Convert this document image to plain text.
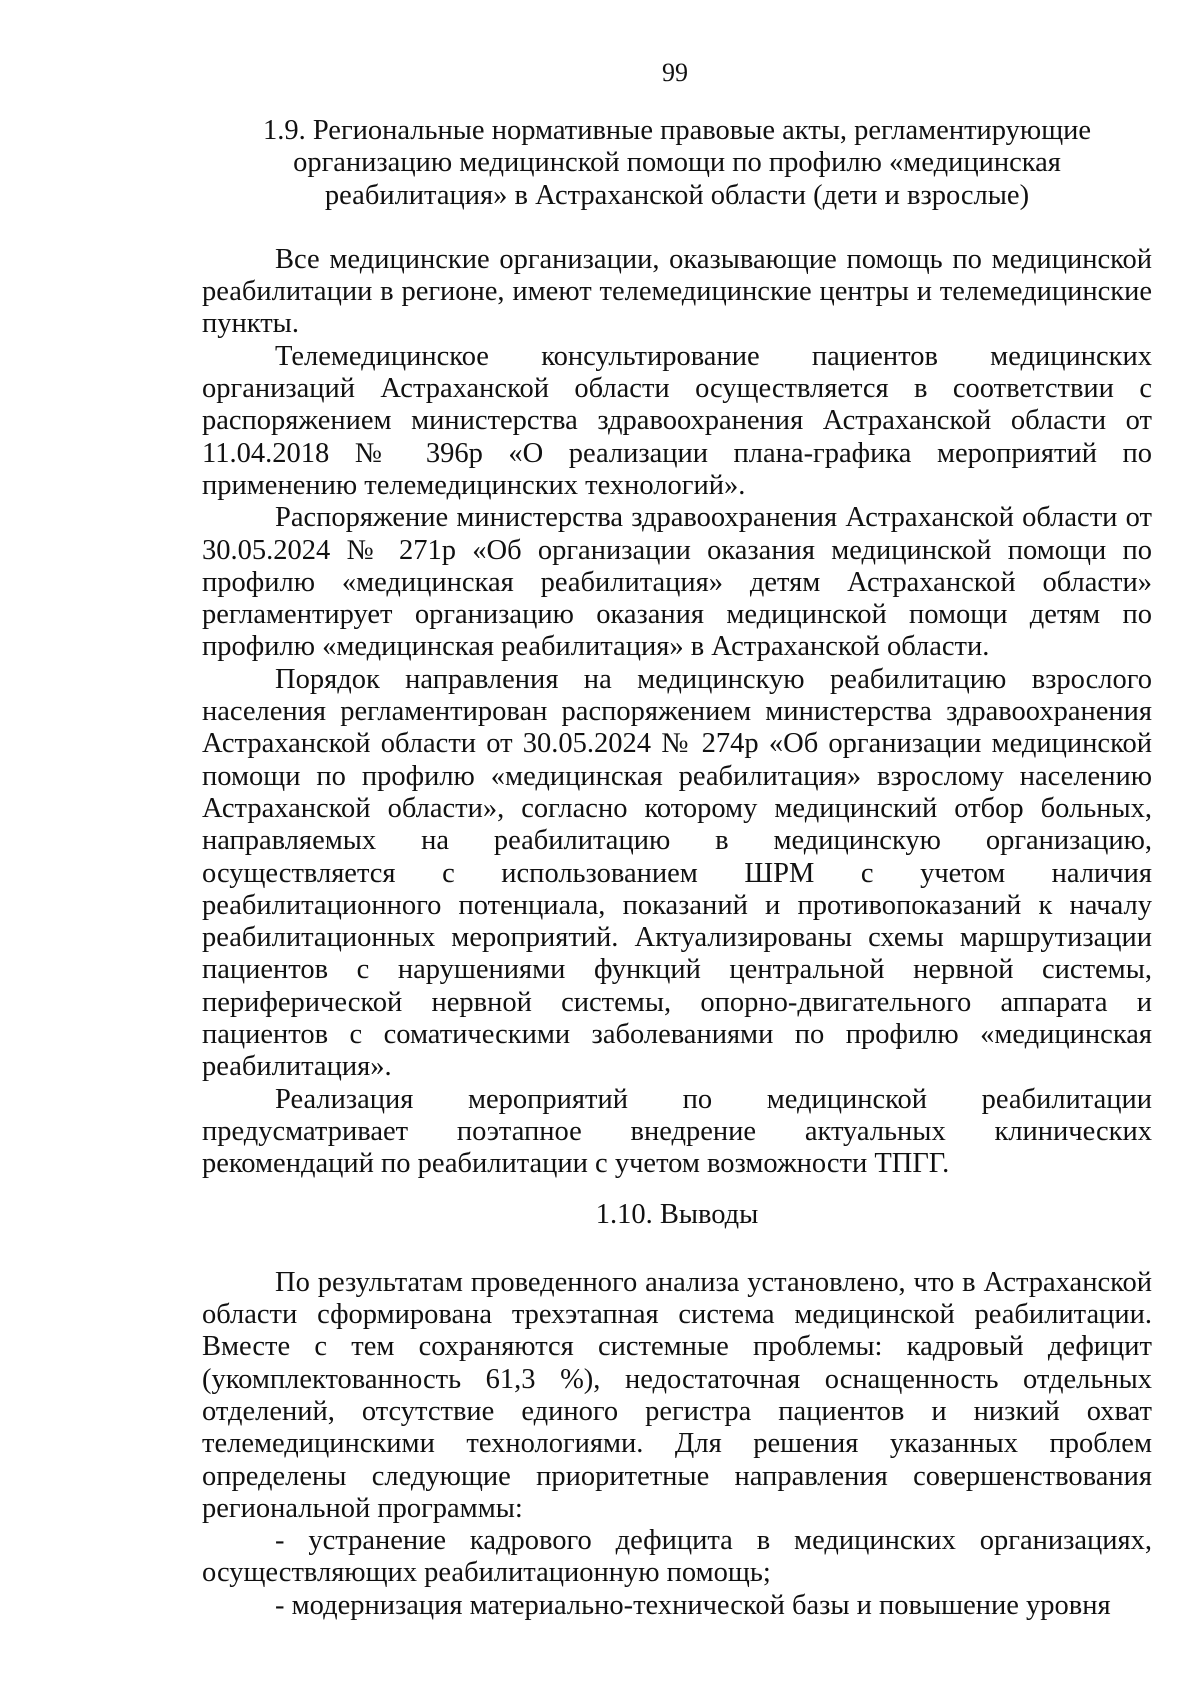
99
1.9. Региональные нормативные правовые акты, регламентирующие организацию медицинской помощи по профилю «медицинская реабилитация» в Астраханской области (дети и взрослые)

Все медицинские организации, оказывающие помощь по медицинской реабилитации в регионе, имеют телемедицинские центры и телемедицинские пункты.

Телемедицинское консультирование пациентов медицинских организаций Астраханской области осуществляется в соответствии с распоряжением министерства здравоохранения Астраханской области от 11.04.2018 № 396р «О реализации плана-графика мероприятий по применению телемедицинских технологий».

Распоряжение министерства здравоохранения Астраханской области от 30.05.2024 № 271р «Об организации оказания медицинской помощи по профилю «медицинская реабилитация» детям Астраханской области» регламентирует организацию оказания медицинской помощи детям по профилю «медицинская реабилитация» в Астраханской области.

Порядок направления на медицинскую реабилитацию взрослого населения регламентирован распоряжением министерства здравоохранения Астраханской области от 30.05.2024 № 274р «Об организации медицинской помощи по профилю «медицинская реабилитация» взрослому населению Астраханской области», согласно которому медицинский отбор больных, направляемых на реабилитацию в медицинскую организацию, осуществляется с использованием ШРМ с учетом наличия реабилитационного потенциала, показаний и противопоказаний к началу реабилитационных мероприятий. Актуализированы схемы маршрутизации пациентов с нарушениями функций центральной нервной системы, периферической нервной системы, опорно-двигательного аппарата и пациентов с соматическими заболеваниями по профилю «медицинская реабилитация».

Реализация мероприятий по медицинской реабилитации предусматривает поэтапное внедрение актуальных клинических рекомендаций по реабилитации с учетом возможности ТПГГ.

1.10. Выводы

По результатам проведенного анализа установлено, что в Астраханской области сформирована трехэтапная система медицинской реабилитации. Вместе с тем сохраняются системные проблемы: кадровый дефицит (укомплектованность 61,3 %), недостаточная оснащенность отдельных отделений, отсутствие единого регистра пациентов и низкий охват телемедицинскими технологиями. Для решения указанных проблем определены следующие приоритетные направления совершенствования региональной программы:

- устранение кадрового дефицита в медицинских организациях, осуществляющих реабилитационную помощь;

- модернизация материально-технической базы и повышение уровня
